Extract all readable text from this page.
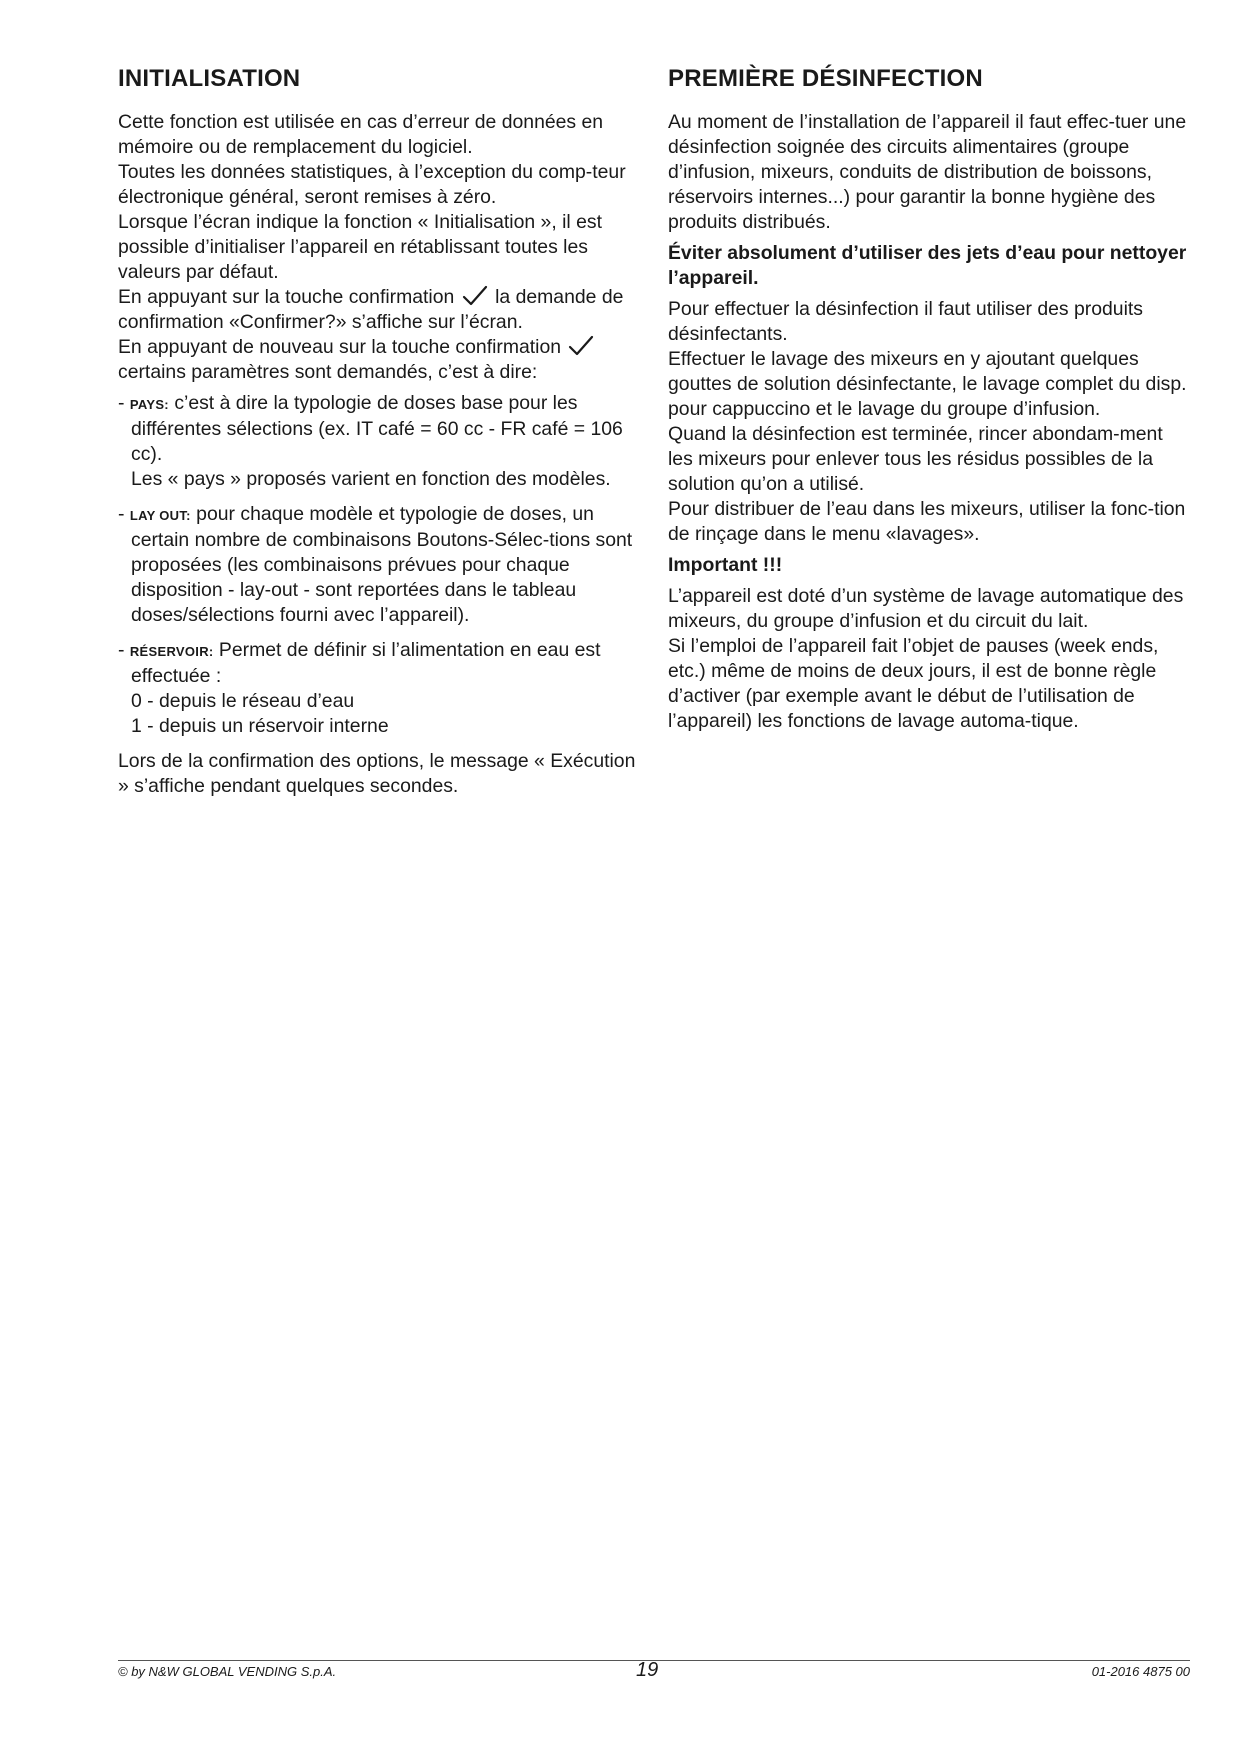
INITIALISATION

Cette fonction est utilisée en cas d’erreur de données en mémoire ou de remplacement du logiciel.

Toutes les données statistiques, à l’exception du comp-teur électronique général, seront remises à zéro.

Lorsque l’écran indique la fonction « Initialisation », il est possible d’initialiser l’appareil en rétablissant toutes les valeurs par défaut.

En appuyant sur la touche confirmation la demande de confirmation «Confirmer?» s’affiche sur l’écran.

En appuyant de nouveau sur la touche confirmation  certains paramètres sont demandés, c’est à dire:

- PAYS: c’est à dire la typologie de doses base pour les différentes sélections (ex. IT café = 60 cc - FR café = 106 cc).
Les « pays » proposés varient en fonction des modèles.
- LAY OUT: pour chaque modèle et typologie de doses, un certain nombre de combinaisons Boutons-Sélec-tions sont proposées (les combinaisons prévues pour chaque disposition - lay-out - sont reportées dans le tableau doses/sélections fourni avec l’appareil).
- RÉSERVOIR: Permet de définir si l’alimentation en eau est effectuée :
0 - depuis le réseau d’eau
1 - depuis un réservoir interne

Lors de la confirmation des options, le message « Exécution » s’affiche pendant quelques secondes.

PREMIÈRE DÉSINFECTION

Au moment de l’installation de l’appareil il faut effec-tuer une désinfection soignée des circuits alimentaires (groupe d’infusion, mixeurs, conduits de distribution de boissons, réservoirs internes...) pour garantir la bonne hygiène des produits distribués.

Éviter absolument d’utiliser des jets d’eau pour nettoyer l’appareil.

Pour effectuer la désinfection il faut utiliser des produits désinfectants.

Effectuer le lavage des mixeurs en y ajoutant quelques gouttes de solution désinfectante, le lavage complet du disp. pour cappuccino et le lavage du groupe d’infusion.

Quand la désinfection est terminée, rincer abondam-ment les mixeurs pour enlever tous les résidus possibles de la solution qu’on a utilisé.

Pour distribuer de l’eau dans les mixeurs, utiliser la fonc-tion de rinçage dans le menu «lavages».

Important !!!

L’appareil est doté d’un système de lavage automatique des mixeurs, du groupe d’infusion et du circuit du lait.

Si l’emploi de l’appareil fait l’objet de pauses (week ends, etc.) même de moins de deux jours, il est de bonne règle d’activer (par exemple avant le début de l’utilisation de l’appareil) les fonctions de lavage automa-tique.

© by N&W GLOBAL VENDING S.p.A.	19	01-2016 4875 00
